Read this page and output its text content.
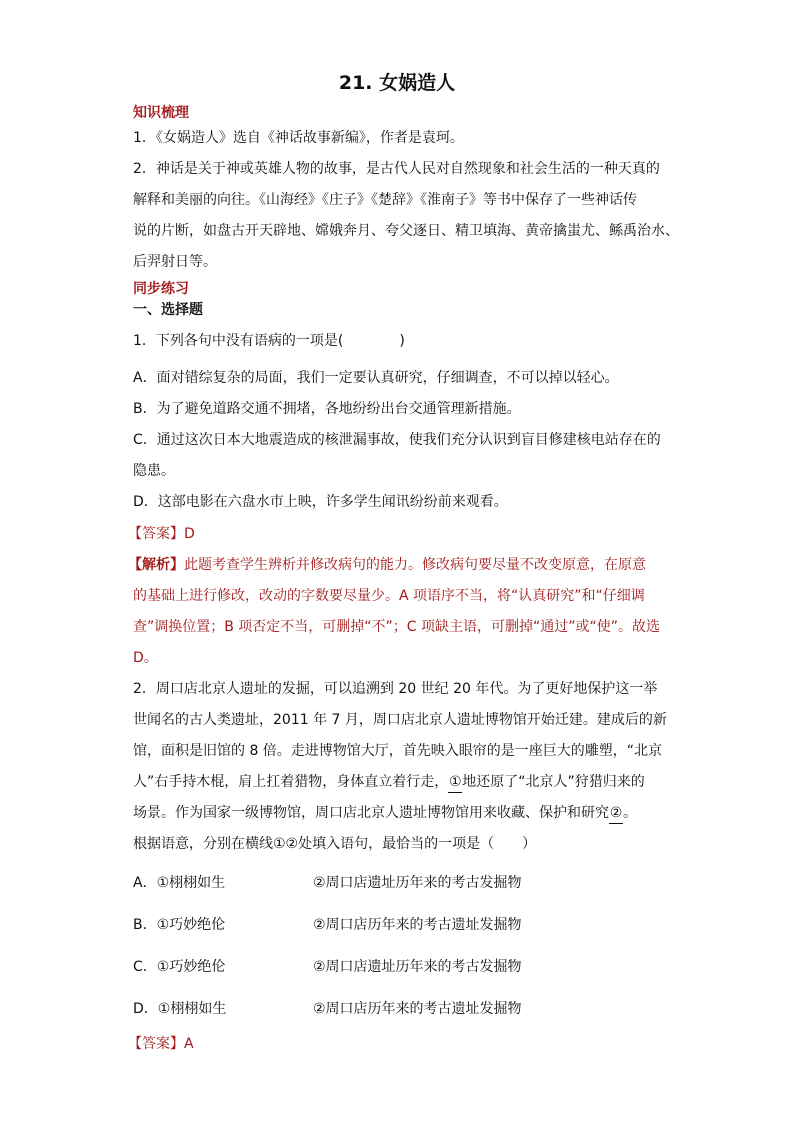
21. 女娲造人
知识梳理
1．《女娲造人》选自《神话故事新编》，作者是袁珂。
2．神话是关于神或英雄人物的故事，是古代人民对自然现象和社会生活的一种天真的
解释和美丽的向往。《山海经》《庄子》《楚辞》《淮南子》等书中保存了一些神话传
说的片断，如盘古开天辟地、嫦娥奔月、夸父逐日、精卫填海、黄帝擒蚩尤、鲧禹治水、
后羿射日等。
同步练习
一、选择题
1．下列各句中没有语病的一项是(　　　　)
A．面对错综复杂的局面，我们一定要认真研究，仔细调查，不可以掉以轻心。
B．为了避免道路交通不拥堵，各地纷纷出台交通管理新措施。
C．通过这次日本大地震造成的核泄漏事故，使我们充分认识到盲目修建核电站存在的
隐患。
D．这部电影在六盘水市上映，许多学生闻讯纷纷前来观看。
【答案】D
【解析】此题考查学生辨析并修改病句的能力。修改病句要尽量不改变原意，在原意
的基础上进行修改，改动的字数要尽量少。A 项语序不当，将“认真研究”和“仔细调
查”调换位置；B 项否定不当，可删掉“不”；C 项缺主语，可删掉“通过”或“使”。故选
D。
2．周口店北京人遗址的发掘，可以追溯到 20 世纪 20 年代。为了更好地保护这一举
世闻名的古人类遗址，2011 年 7 月，周口店北京人遗址博物馆开始迁建。建成后的新
馆，面积是旧馆的 8 倍。走进博物馆大厅，首先映入眼帘的是一座巨大的雕塑，“北京
人”右手持木棍，肩上扛着猎物，身体直立着行走，①地还原了“北京人”狩猎归来的
场景。作为国家一级博物馆，周口店北京人遗址博物馆用来收藏、保护和研究②。
根据语意，分别在横线①②处填入语句，最恰当的一项是（　　）
A．①栩栩如生	②周口店遗址历年来的考古发掘物
B．①巧妙绝伦	②周口店历年来的考古遗址发掘物
C．①巧妙绝伦	②周口店遗址历年来的考古发掘物
D．①栩栩如生	②周口店历年来的考古遗址发掘物
【答案】A
